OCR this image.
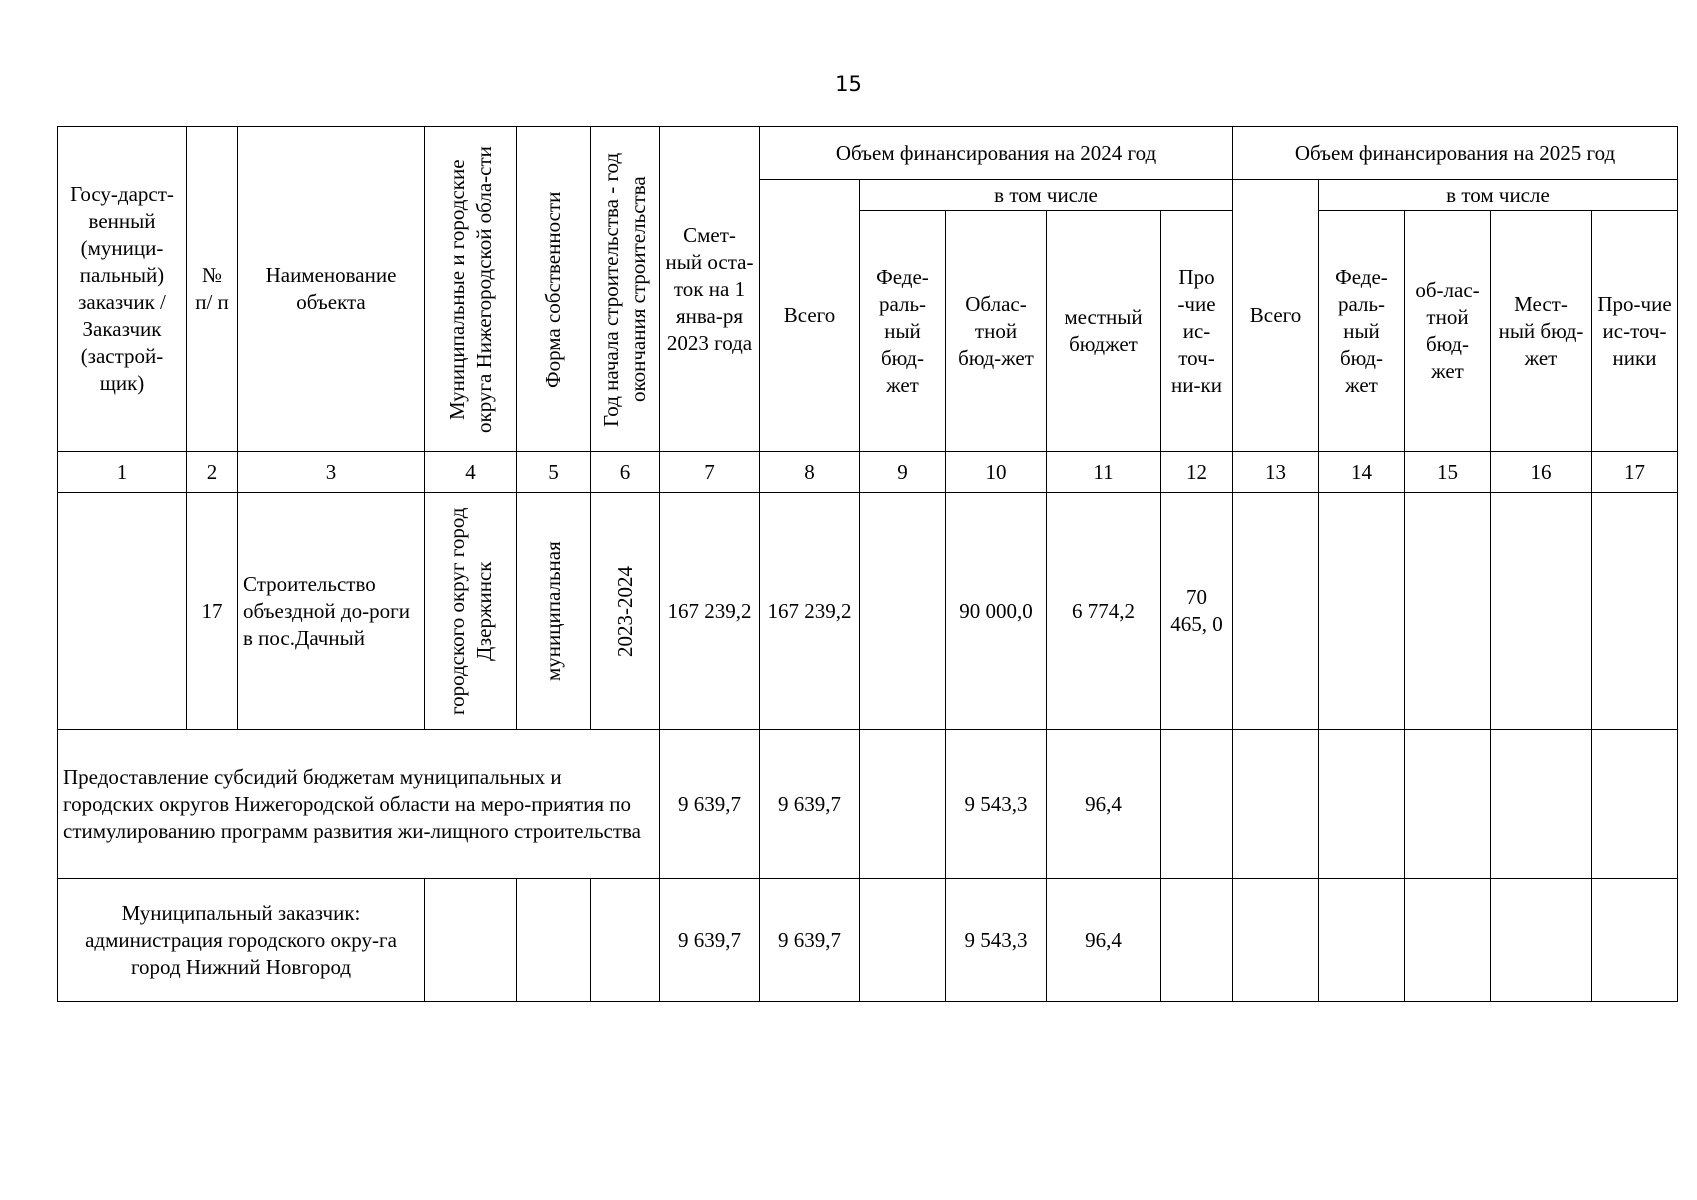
15
Госу-дарст-венный (муници-пальный) заказчик / Заказчик (застрой-щик)	№ п/ п	Наименование объекта	Муниципальные и городские округа Нижегородской обла-сти	Форма собственности	Год начала строительства - год окончания строительства	Смет-ный оста-ток на 1 янва-ря 2023 года	Объем финансирования на 2024 год					Объем финансирования на 2025 год				
							Всего	в том числе				Всего	в том числе			
								Феде-раль-ный бюд-жет	Облас-тной бюд-жет	местный бюджет	Про -чие ис-точ-ни-ки		Феде-раль-ный бюд-жет	об-лас-тной бюд-жет	Мест-ный бюд-жет	Про-чие ис-точ-ники
1	2	3	4	5	6	7	8	9	10	11	12	13	14	15	16	17
	17	Строительство объездной до-роги в пос.Дачный	городского округ город Дзержинск	муниципальная	2023-2024	167 239,2	167 239,2		90 000,0	6 774,2	70 465, 0					
Предоставление субсидий бюджетам муниципальных и городских округов Нижегородской области на меро-приятия по стимулированию программ развития жи-лищного строительства						9 639,7	9 639,7		9 543,3	96,4						
Муниципальный заказчик: администрация городского окру-га город Нижний Новгород						9 639,7	9 639,7		9 543,3	96,4						
